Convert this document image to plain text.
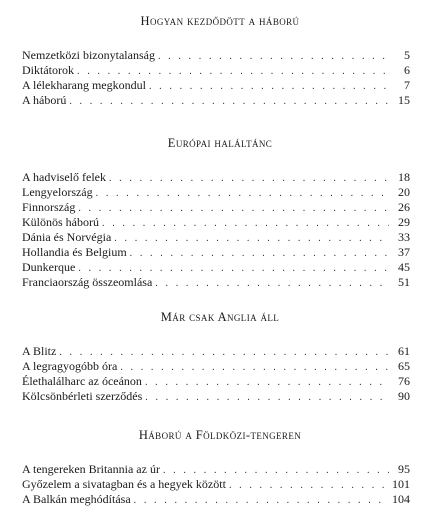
Hogyan kezdődött a háború
Nemzetközi bizonytalanság . . .	5
Diktátorok . . .	6
A lélekharang megkondul . . .	7
A háború . . .	15
Európai haláltánc
A hadviselő felek . . .	18
Lengyelország . . .	20
Finnország . . .	26
Különös háború . . .	29
Dánia és Norvégia . . .	33
Hollandia és Belgium . . .	37
Dunkerque . . .	45
Franciaország összeomlása . . .	51
Már csak Anglia áll
A Blitz . . .	61
A legragyogóbb óra . . .	65
Élethalálharc az óceánon . . .	76
Kölcsönbérleti szerződés . . .	90
Háború a Földközi-tengeren
A tengereken Britannia az úr . . .	95
Győzelem a sivatagban és a hegyek között . . .	101
A Balkán meghódítása . . .	104
